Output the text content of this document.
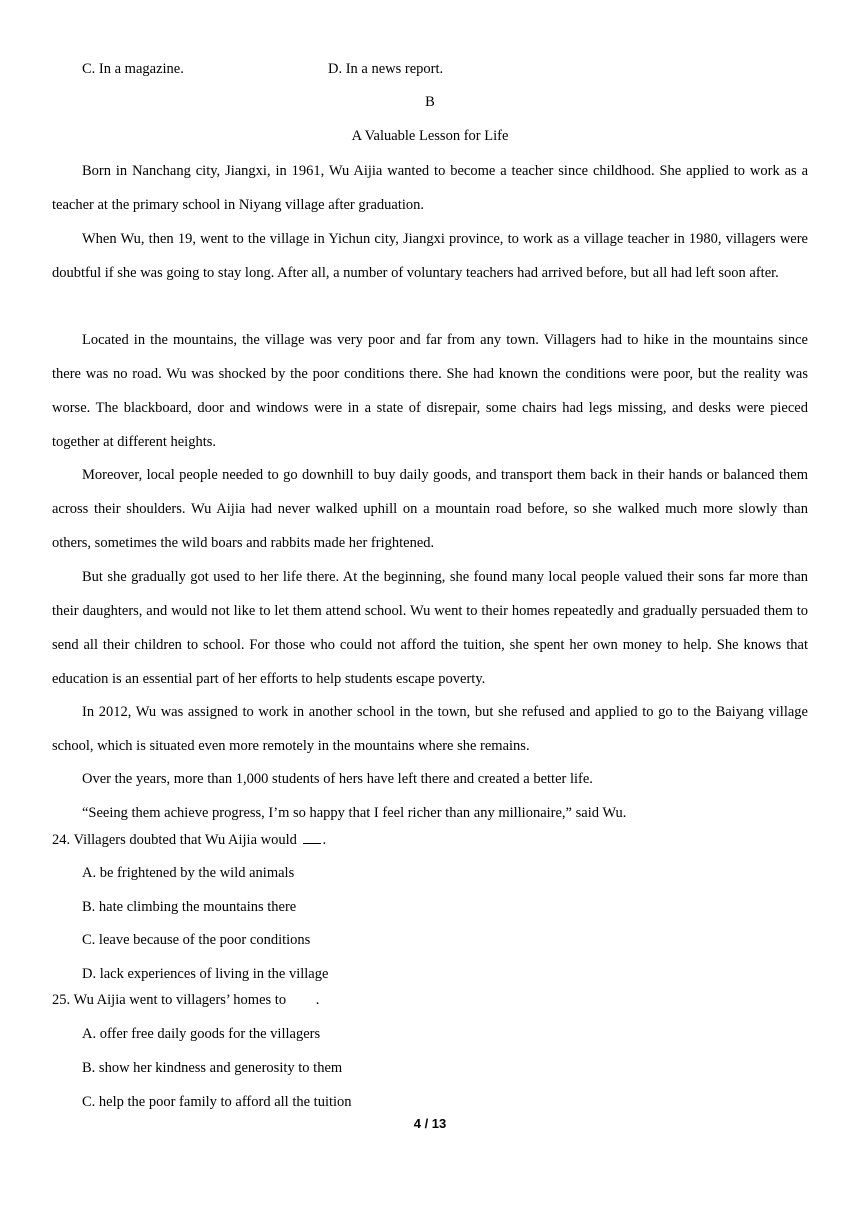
C. In a magazine.	D. In a news report.
B
A Valuable Lesson for Life

Born in Nanchang city, Jiangxi, in 1961, Wu Aijia wanted to become a teacher since childhood. She applied to work as a teacher at the primary school in Niyang village after graduation.

When Wu, then 19, went to the village in Yichun city, Jiangxi province, to work as a village teacher in 1980, villagers were doubtful if she was going to stay long. After all, a number of voluntary teachers had arrived before, but all had left soon after.

Located in the mountains, the village was very poor and far from any town. Villagers had to hike in the mountains since there was no road. Wu was shocked by the poor conditions there. She had known the conditions were poor, but the reality was worse. The blackboard, door and windows were in a state of disrepair, some chairs had legs missing, and desks were pieced together at different heights.

Moreover, local people needed to go downhill to buy daily goods, and transport them back in their hands or balanced them across their shoulders. Wu Aijia had never walked uphill on a mountain road before, so she walked much more slowly than others, sometimes the wild boars and rabbits made her frightened.

But she gradually got used to her life there. At the beginning, she found many local people valued their sons far more than their daughters, and would not like to let them attend school. Wu went to their homes repeatedly and gradually persuaded them to send all their children to school. For those who could not afford the tuition, she spent her own money to help. She knows that education is an essential part of her efforts to help students escape poverty.

In 2012, Wu was assigned to work in another school in the town, but she refused and applied to go to the Baiyang village school, which is situated even more remotely in the mountains where she remains.

Over the years, more than 1,000 students of hers have left there and created a better life.

“Seeing them achieve progress, I’m so happy that I feel richer than any millionaire,” said Wu.

24. Villagers doubted that Wu Aijia would .
A. be frightened by the wild animals
B. hate climbing the mountains there
C. leave because of the poor conditions
D. lack experiences of living in the village
25. Wu Aijia went to villagers’ homes to .
A. offer free daily goods for the villagers
B. show her kindness and generosity to them
C. help the poor family to afford all the tuition
4 / 13
